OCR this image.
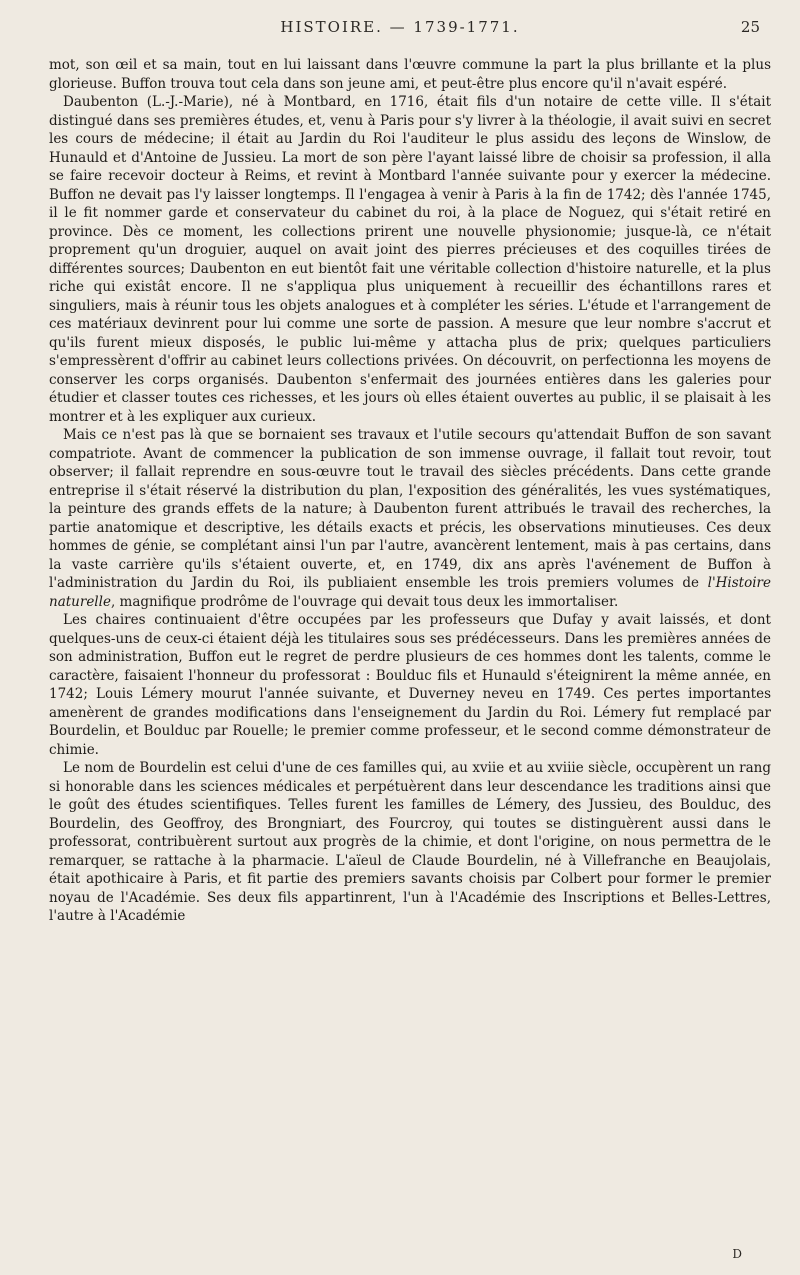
HISTOIRE. — 1739-1771.	25

mot, son œil et sa main, tout en lui laissant dans l'œuvre commune la part la plus brillante et la plus glorieuse. Buffon trouva tout cela dans son jeune ami, et peut-être plus encore qu'il n'avait espéré.

Daubenton (L.-J.-Marie), né à Montbard, en 1716, était fils d'un notaire de cette ville. Il s'était distingué dans ses premières études, et, venu à Paris pour s'y livrer à la théologie, il avait suivi en secret les cours de médecine; il était au Jardin du Roi l'auditeur le plus assidu des leçons de Winslow, de Hunauld et d'Antoine de Jussieu. La mort de son père l'ayant laissé libre de choisir sa profession, il alla se faire recevoir docteur à Reims, et revint à Montbard l'année suivante pour y exercer la médecine. Buffon ne devait pas l'y laisser longtemps. Il l'engagea à venir à Paris à la fin de 1742; dès l'année 1745, il le fit nommer garde et conservateur du cabinet du roi, à la place de Noguez, qui s'était retiré en province. Dès ce moment, les collections prirent une nouvelle physionomie; jusque-là, ce n'était proprement qu'un droguier, auquel on avait joint des pierres précieuses et des coquilles tirées de différentes sources; Daubenton en eut bientôt fait une véritable collection d'histoire naturelle, et la plus riche qui existât encore. Il ne s'appliqua plus uniquement à recueillir des échantillons rares et singuliers, mais à réunir tous les objets analogues et à compléter les séries. L'étude et l'arrangement de ces matériaux devinrent pour lui comme une sorte de passion. A mesure que leur nombre s'accrut et qu'ils furent mieux disposés, le public lui-même y attacha plus de prix; quelques particuliers s'empressèrent d'offrir au cabinet leurs collections privées. On découvrit, on perfectionna les moyens de conserver les corps organisés. Daubenton s'enfermait des journées entières dans les galeries pour étudier et classer toutes ces richesses, et les jours où elles étaient ouvertes au public, il se plaisait à les montrer et à les expliquer aux curieux.

Mais ce n'est pas là que se bornaient ses travaux et l'utile secours qu'attendait Buffon de son savant compatriote. Avant de commencer la publication de son immense ouvrage, il fallait tout revoir, tout observer; il fallait reprendre en sous-œuvre tout le travail des siècles précédents. Dans cette grande entreprise il s'était réservé la distribution du plan, l'exposition des généralités, les vues systématiques, la peinture des grands effets de la nature; à Daubenton furent attribués le travail des recherches, la partie anatomique et descriptive, les détails exacts et précis, les observations minutieuses. Ces deux hommes de génie, se complétant ainsi l'un par l'autre, avancèrent lentement, mais à pas certains, dans la vaste carrière qu'ils s'étaient ouverte, et, en 1749, dix ans après l'avénement de Buffon à l'administration du Jardin du Roi, ils publiaient ensemble les trois premiers volumes de l'Histoire naturelle, magnifique prodrôme de l'ouvrage qui devait tous deux les immortaliser.

Les chaires continuaient d'être occupées par les professeurs que Dufay y avait laissés, et dont quelques-uns de ceux-ci étaient déjà les titulaires sous ses prédécesseurs. Dans les premières années de son administration, Buffon eut le regret de perdre plusieurs de ces hommes dont les talents, comme le caractère, faisaient l'honneur du professorat : Boulduc fils et Hunauld s'éteignirent la même année, en 1742; Louis Lémery mourut l'année suivante, et Duverney neveu en 1749. Ces pertes importantes amenèrent de grandes modifications dans l'enseignement du Jardin du Roi. Lémery fut remplacé par Bourdelin, et Boulduc par Rouelle; le premier comme professeur, et le second comme démonstrateur de chimie.

Le nom de Bourdelin est celui d'une de ces familles qui, au xviie et au xviiie siècle, occupèrent un rang si honorable dans les sciences médicales et perpétuèrent dans leur descendance les traditions ainsi que le goût des études scientifiques. Telles furent les familles de Lémery, des Jussieu, des Boulduc, des Bourdelin, des Geoffroy, des Brongniart, des Fourcroy, qui toutes se distinguèrent aussi dans le professorat, contribuèrent surtout aux progrès de la chimie, et dont l'origine, on nous permettra de le remarquer, se rattache à la pharmacie. L'aïeul de Claude Bourdelin, né à Villefranche en Beaujolais, était apothicaire à Paris, et fit partie des premiers savants choisis par Colbert pour former le premier noyau de l'Académie. Ses deux fils appartinrent, l'un à l'Académie des Inscriptions et Belles-Lettres, l'autre à l'Académie

D
